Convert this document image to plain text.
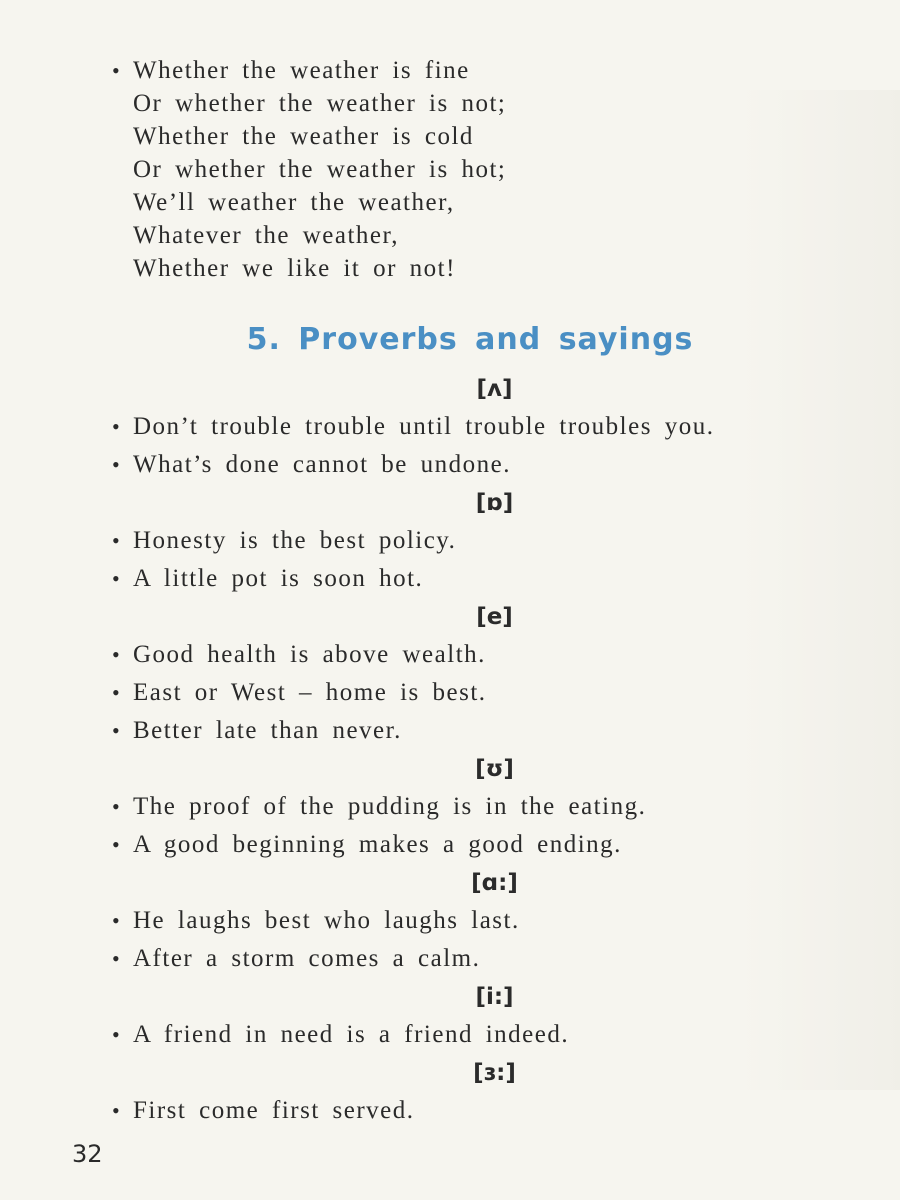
• Whether the weather is fine
Or whether the weather is not;
Whether the weather is cold
Or whether the weather is hot;
We’ll weather the weather,
Whatever the weather,
Whether we like it or not!
5. Proverbs and sayings
[ʌ]
• Don’t trouble trouble until trouble troubles you.
• What’s done cannot be undone.
[ɒ]
• Honesty is the best policy.
• A little pot is soon hot.
[e]
• Good health is above wealth.
• East or West – home is best.
• Better late than never.
[ʊ]
• The proof of the pudding is in the eating.
• A good beginning makes a good ending.
[ɑ:]
• He laughs best who laughs last.
• After a storm comes a calm.
[i:]
• A friend in need is a friend indeed.
[ɜ:]
• First come first served.
32
